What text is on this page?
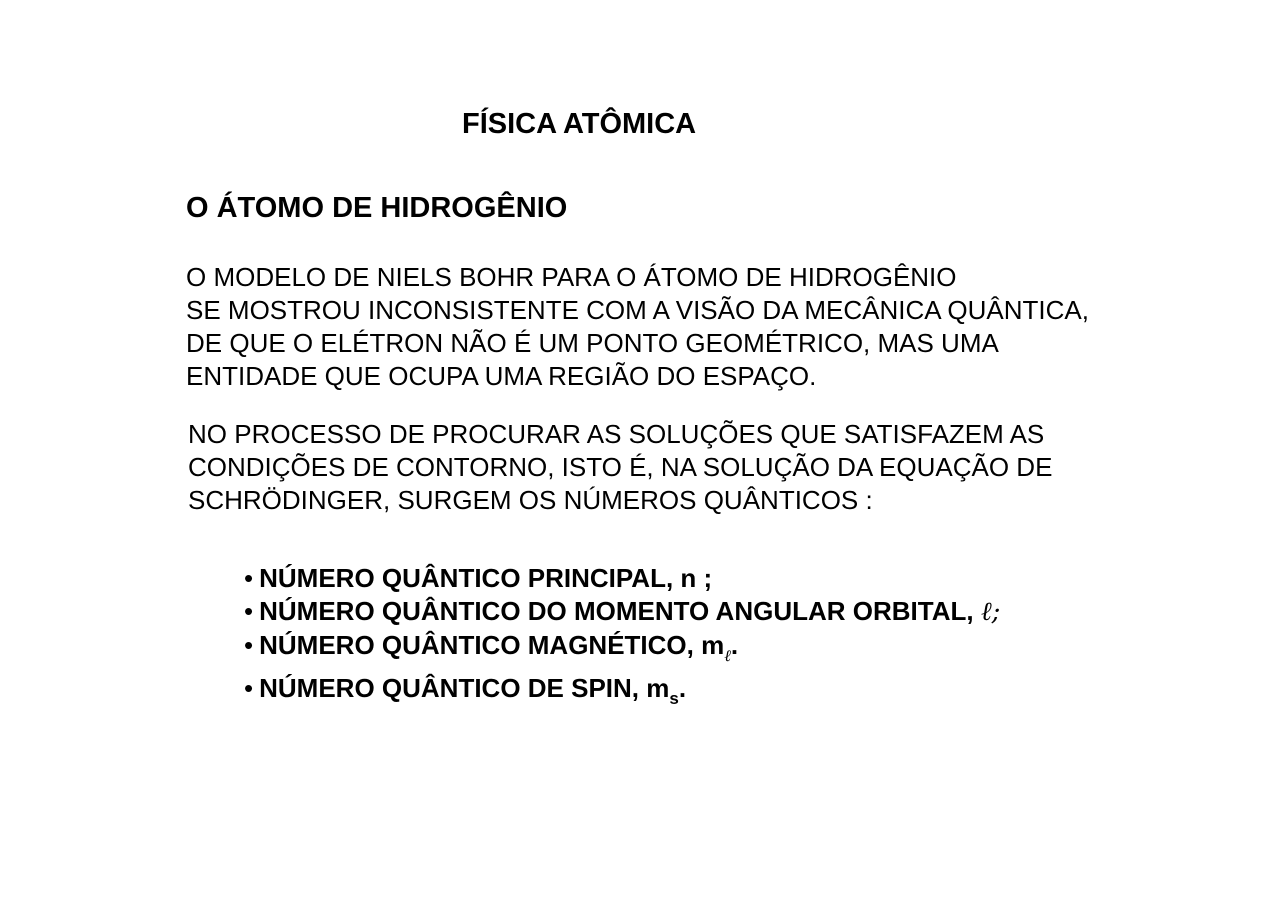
FÍSICA ATÔMICA
O ÁTOMO DE HIDROGÊNIO
O MODELO DE NIELS BOHR PARA O ÁTOMO DE HIDROGÊNIO
SE MOSTROU INCONSISTENTE COM A VISÃO DA MECÂNICA QUÂNTICA,
DE QUE O ELÉTRON NÃO É UM PONTO GEOMÉTRICO, MAS UMA
ENTIDADE QUE OCUPA UMA REGIÃO DO ESPAÇO.
NO PROCESSO DE PROCURAR AS SOLUÇÕES QUE SATISFAZEM AS
CONDIÇÕES DE CONTORNO, ISTO É, NA SOLUÇÃO DA EQUAÇÃO DE
SCHRÖDINGER, SURGEM OS NÚMEROS QUÂNTICOS :
• NÚMERO QUÂNTICO PRINCIPAL, n ;
• NÚMERO QUÂNTICO DO MOMENTO ANGULAR ORBITAL, ℓ;
• NÚMERO QUÂNTICO MAGNÉTICO, $m_\ell$.
• NÚMERO QUÂNTICO DE SPIN, $m_s$.
